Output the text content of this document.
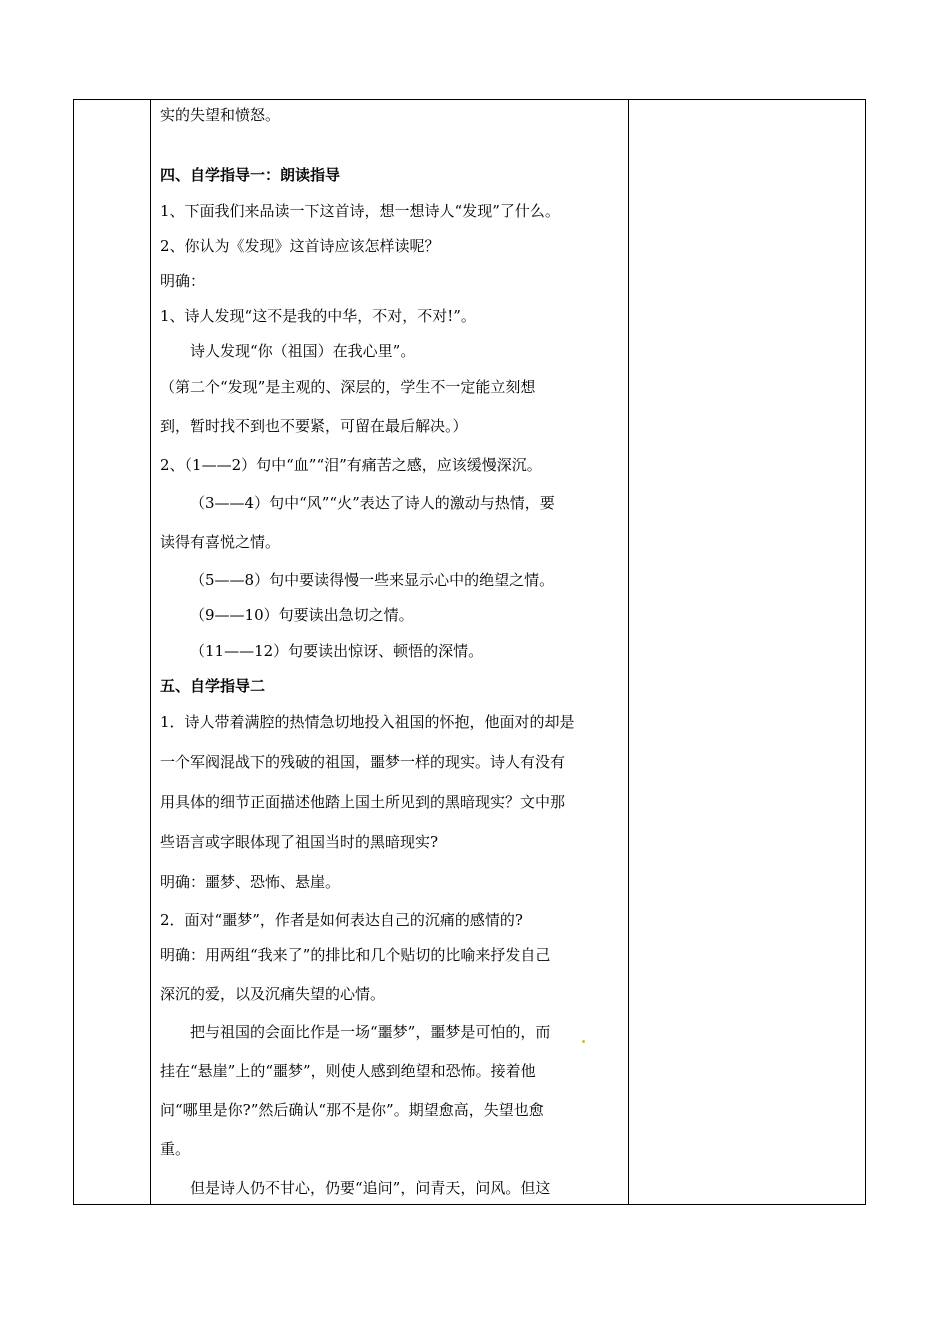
实的失望和愤怒。
四、自学指导一：朗读指导
1、下面我们来品读一下这首诗，想一想诗人“发现”了什么。
2、你认为《发现》这首诗应该怎样读呢？
明确：
1、诗人发现“这不是我的中华，不对，不对!”。
诗人发现“你（祖国）在我心里”。
（第二个“发现”是主观的、深层的，学生不一定能立刻想
到，暂时找不到也不要紧，可留在最后解决。）
2、（1——2）句中“血”“泪”有痛苦之感，应该缓慢深沉。
（3——4）句中“风”“火”表达了诗人的激动与热情，要
读得有喜悦之情。
（5——8）句中要读得慢一些来显示心中的绝望之情。
（9——10）句要读出急切之情。
（11——12）句要读出惊讶、顿悟的深情。
五、自学指导二
1．诗人带着满腔的热情急切地投入祖国的怀抱，他面对的却是
一个军阀混战下的残破的祖国，噩梦一样的现实。诗人有没有
用具体的细节正面描述他踏上国土所见到的黑暗现实？文中那
些语言或字眼体现了祖国当时的黑暗现实?
明确：噩梦、恐怖、悬崖。
2．面对“噩梦”，作者是如何表达自己的沉痛的感情的?
明确：用两组“我来了”的排比和几个贴切的比喻来抒发自己
深沉的爱，以及沉痛失望的心情。
把与祖国的会面比作是一场“噩梦”，噩梦是可怕的，而
挂在“悬崖”上的“噩梦”，则使人感到绝望和恐怖。接着他
问“哪里是你?”然后确认“那不是你”。期望愈高，失望也愈
重。
但是诗人仍不甘心，仍要“追问”，问青天，问风。但这
